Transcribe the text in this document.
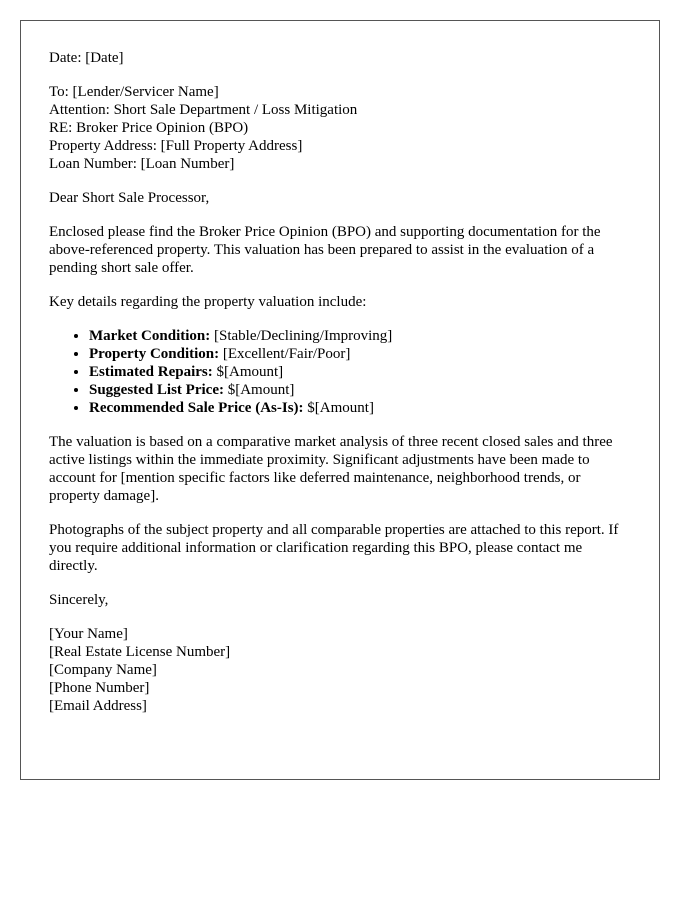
Date: [Date]
To: [Lender/Servicer Name]
Attention: Short Sale Department / Loss Mitigation
RE: Broker Price Opinion (BPO)
Property Address: [Full Property Address]
Loan Number: [Loan Number]

Dear Short Sale Processor,

Enclosed please find the Broker Price Opinion (BPO) and supporting documentation for the above-referenced property. This valuation has been prepared to assist in the evaluation of a pending short sale offer.

Key details regarding the property valuation include:

• Market Condition: [Stable/Declining/Improving]
• Property Condition: [Excellent/Fair/Poor]
• Estimated Repairs: $[Amount]
• Suggested List Price: $[Amount]
• Recommended Sale Price (As-Is): $[Amount]

The valuation is based on a comparative market analysis of three recent closed sales and three active listings within the immediate proximity. Significant adjustments have been made to account for [mention specific factors like deferred maintenance, neighborhood trends, or property damage].

Photographs of the subject property and all comparable properties are attached to this report. If you require additional information or clarification regarding this BPO, please contact me directly.

Sincerely,

[Your Name]
[Real Estate License Number]
[Company Name]
[Phone Number]
[Email Address]
